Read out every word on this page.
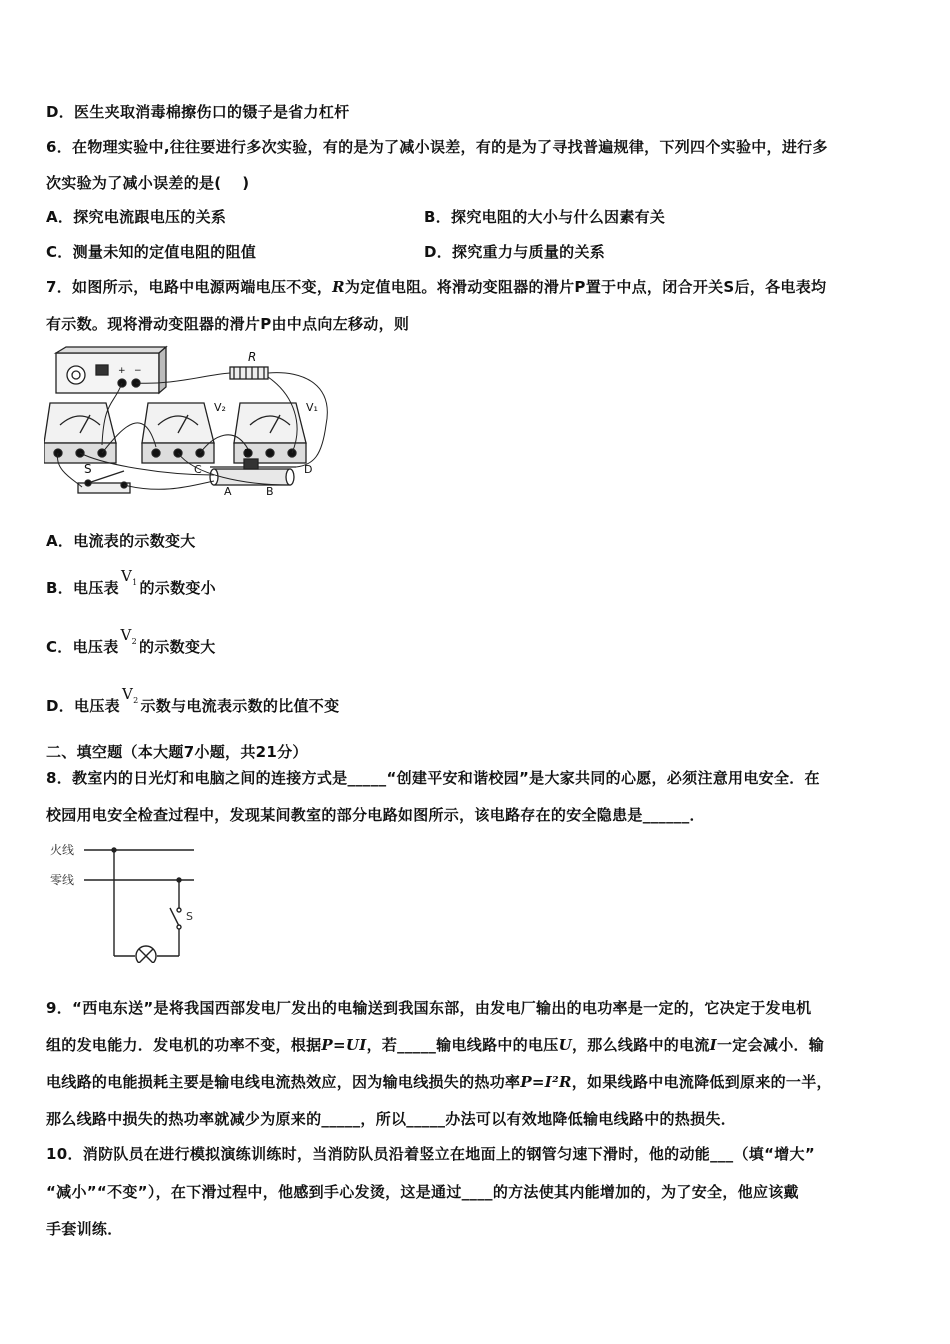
D．医生夹取消毒棉擦伤口的镊子是省力杠杆
6．在物理实验中,往往要进行多次实验，有的是为了减小误差，有的是为了寻找普遍规律，下列四个实验中，进行多
次实验为了减小误差的是(　 )
A．探究电流跟电压的关系	B．探究电阻的大小与什么因素有关
C．测量未知的定值电阻的阻值	D．探究重力与质量的关系
7．如图所示，电路中电源两端电压不变，R为定值电阻。将滑动变阻器的滑片P置于中点，闭合开关S后，各电表均
有示数。现将滑动变阻器的滑片P由中点向左移动，则
+ −
R
V₂	V₁
S	C
P
D
A	B
A．电流表的示数变大
B．电压表$V_1$ 的示数变小
C．电压表$V_2$ 的示数变大
D．电压表$V_2$ 示数与电流表示数的比值不变
二、填空题（本大题7小题，共21分）
8．教室内的日光灯和电脑之间的连接方式是_____“创建平安和谐校园”是大家共同的心愿，必须注意用电安全．在
校园用电安全检查过程中，发现某间教室的部分电路如图所示，该电路存在的安全隐患是______．
火线
零线
S
9．“西电东送”是将我国西部发电厂发出的电输送到我国东部，由发电厂输出的电功率是一定的，它决定于发电机
组的发电能力．发电机的功率不变，根据P=UI，若_____输电线路中的电压U，那么线路中的电流I一定会减小．输
电线路的电能损耗主要是输电线电流热效应，因为输电线损失的热功率P=I²R，如果线路中电流降低到原来的一半，
那么线路中损失的热功率就减少为原来的_____，所以_____办法可以有效地降低输电线路中的热损失．
10．消防队员在进行模拟演练训练时，当消防队员沿着竖立在地面上的钢管匀速下滑时，他的动能___（填“增大”
“减小”“不变”），在下滑过程中，他感到手心发烫，这是通过____的方法使其内能增加的，为了安全，他应该戴
手套训练．
